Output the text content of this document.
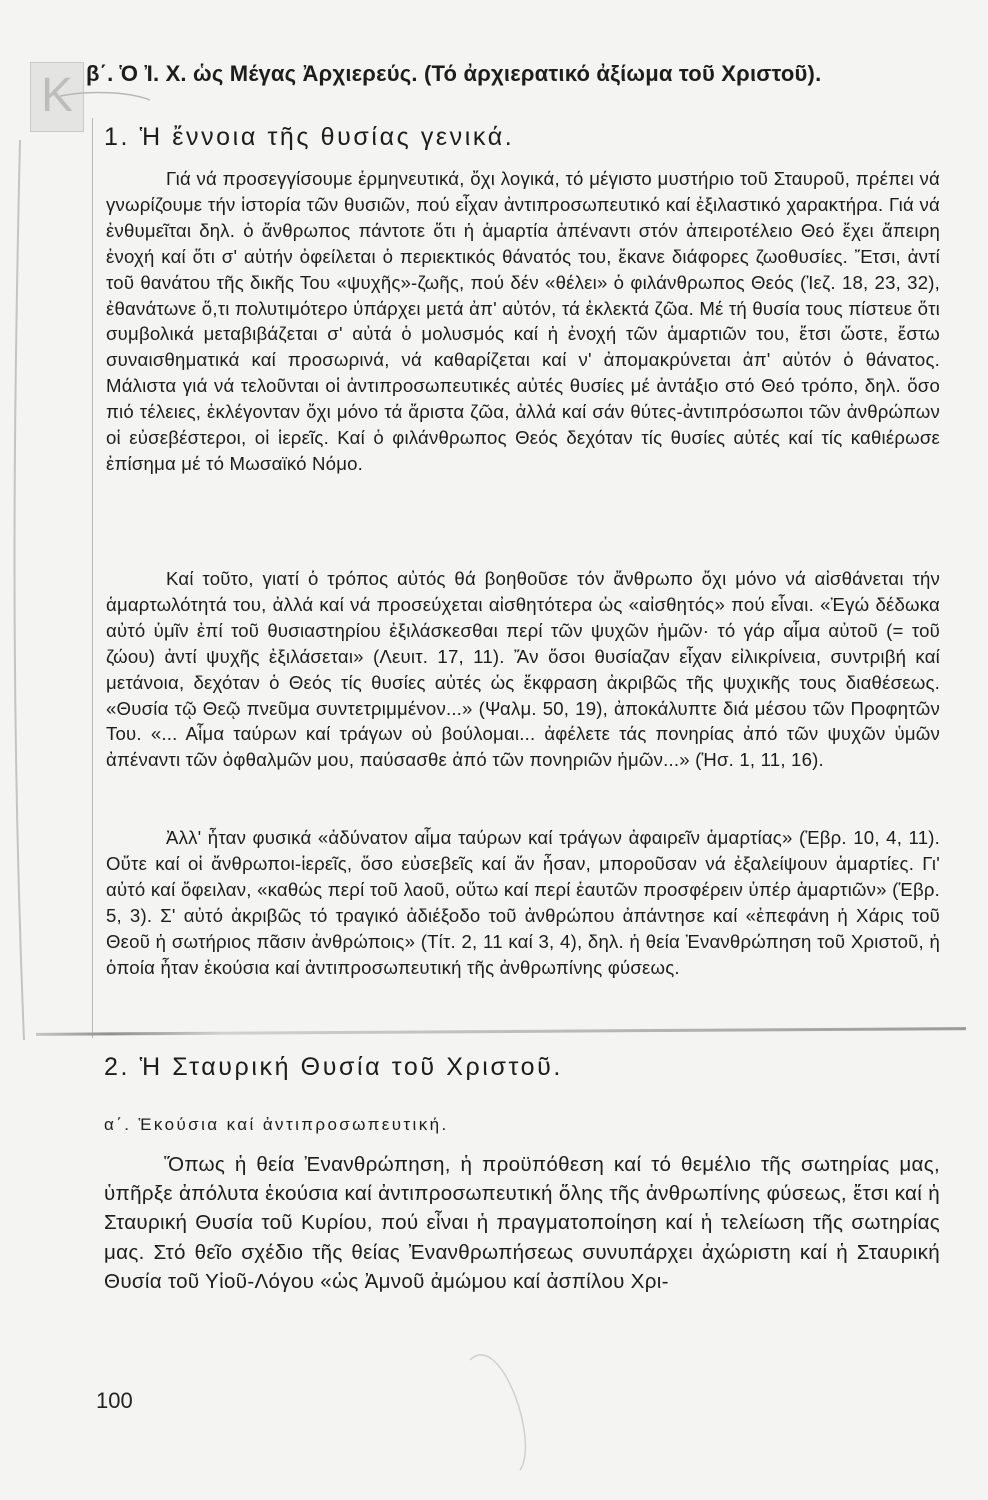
K β΄. Ὁ Ἰ. Χ. ὡς Μέγας Ἀρχιερεύς. (Τό ἀρχιερατικό ἀξίωμα τοῦ Χριστοῦ).
1. Ἡ ἔννοια τῆς θυσίας γενικά.

Γιά νά προσεγγίσουμε ἑρμηνευτικά, ὄχι λογικά, τό μέγιστο μυστήριο τοῦ Σταυροῦ, πρέπει νά γνωρίζουμε τήν ἱστορία τῶν θυσιῶν, πού εἶχαν ἀντιπροσωπευτικό καί ἐξιλαστικό χαρακτήρα. Γιά νά ἐνθυμεῖται δηλ. ὁ ἄνθρωπος πάντοτε ὅτι ἡ ἁμαρτία ἀπέναντι στόν ἀπειροτέλειο Θεό ἔχει ἄπειρη ἐνοχή καί ὅτι σ' αὐτήν ὀφείλεται ὁ περιεκτικός θάνατός του, ἔκανε διάφορες ζωοθυσίες. Ἔτσι, ἀντί τοῦ θανάτου τῆς δικῆς Του «ψυχῆς»-ζωῆς, πού δέν «θέλει» ὁ φιλάνθρωπος Θεός (Ἰεζ. 18, 23, 32), ἐθανάτωνε ὅ,τι πολυτιμότερο ὑπάρχει μετά ἀπ' αὐτόν, τά ἐκλεκτά ζῶα. Μέ τή θυσία τους πίστευε ὅτι συμβολικά μεταβιβάζεται σ' αὐτά ὁ μολυσμός καί ἡ ἐνοχή τῶν ἁμαρτιῶν του, ἔτσι ὥστε, ἔστω συναισθηματικά καί προσωρινά, νά καθαρίζεται καί ν' ἀπομακρύνεται ἀπ' αὐτόν ὁ θάνατος. Μάλιστα γιά νά τελοῦνται οἱ ἀντιπροσωπευτικές αὐτές θυσίες μέ ἀντάξιο στό Θεό τρόπο, δηλ. ὅσο πιό τέλειες, ἐκλέγονταν ὄχι μόνο τά ἄριστα ζῶα, ἀλλά καί σάν θύτες-ἀντιπρόσωποι τῶν ἀνθρώπων οἱ εὐσεβέστεροι, οἱ ἱερεῖς. Καί ὁ φιλάνθρωπος Θεός δεχόταν τίς θυσίες αὐτές καί τίς καθιέρωσε ἐπίσημα μέ τό Μωσαϊκό Νόμο.

Καί τοῦτο, γιατί ὁ τρόπος αὐτός θά βοηθοῦσε τόν ἄνθρωπο ὄχι μόνο νά αἰσθάνεται τήν ἁμαρτωλότητά του, ἀλλά καί νά προσεύχεται αἰσθητότερα ὡς «αἰσθητός» πού εἶναι. «Ἐγώ δέδωκα αὐτό ὑμῖν ἐπί τοῦ θυσιαστηρίου ἐξιλάσκεσθαι περί τῶν ψυχῶν ἡμῶν· τό γάρ αἷμα αὐτοῦ (= τοῦ ζώου) ἀντί ψυχῆς ἐξιλάσεται» (Λευιτ. 17, 11). Ἄν ὅσοι θυσίαζαν εἶχαν εἰλικρίνεια, συντριβή καί μετάνοια, δεχόταν ὁ Θεός τίς θυσίες αὐτές ὡς ἔκφραση ἀκριβῶς τῆς ψυχικῆς τους διαθέσεως. «Θυσία τῷ Θεῷ πνεῦμα συντετριμμένον...» (Ψαλμ. 50, 19), ἀποκάλυπτε διά μέσου τῶν Προφητῶν Του. «... Αἷμα ταύρων καί τράγων οὐ βούλομαι... ἀφέλετε τάς πονηρίας ἀπό τῶν ψυχῶν ὑμῶν ἀπέναντι τῶν ὀφθαλμῶν μου, παύσασθε ἀπό τῶν πονηριῶν ἡμῶν...» (Ἡσ. 1, 11, 16).

Ἀλλ' ἦταν φυσικά «ἀδύνατον αἷμα ταύρων καί τράγων ἀφαιρεῖν ἁμαρτίας» (Ἑβρ. 10, 4, 11). Οὔτε καί οἱ ἄνθρωποι-ἱερεῖς, ὅσο εὐσεβεῖς καί ἄν ἦσαν, μποροῦσαν νά ἐξαλείψουν ἁμαρτίες. Γι' αὐτό καί ὄφειλαν, «καθώς περί τοῦ λαοῦ, οὕτω καί περί ἑαυτῶν προσφέρειν ὑπέρ ἁμαρτιῶν» (Ἑβρ. 5, 3). Σ' αὐτό ἀκριβῶς τό τραγικό ἀδιέξοδο τοῦ ἀνθρώπου ἀπάντησε καί «ἐπεφάνη ἡ Χάρις τοῦ Θεοῦ ἡ σωτήριος πᾶσιν ἀνθρώποις» (Τίτ. 2, 11 καί 3, 4), δηλ. ἡ θεία Ἐνανθρώπηση τοῦ Χριστοῦ, ἡ ὁποία ἦταν ἑκούσια καί ἀντιπροσωπευτική τῆς ἀνθρωπίνης φύσεως.

2. Ἡ Σταυρική Θυσία τοῦ Χριστοῦ.
α΄. Ἑκούσια καί ἀντιπροσωπευτική.

Ὅπως ἡ θεία Ἐνανθρώπηση, ἡ προϋπόθεση καί τό θεμέλιο τῆς σωτηρίας μας, ὑπῆρξε ἀπόλυτα ἑκούσια καί ἀντιπροσωπευτική ὅλης τῆς ἀνθρωπίνης φύσεως, ἔτσι καί ἡ Σταυρική Θυσία τοῦ Κυρίου, πού εἶναι ἡ πραγματοποίηση καί ἡ τελείωση τῆς σωτηρίας μας. Στό θεῖο σχέδιο τῆς θείας Ἐνανθρωπήσεως συνυπάρχει ἀχώριστη καί ἡ Σταυρική Θυσία τοῦ Υἱοῦ-Λόγου «ὡς Ἀμνοῦ ἀμώμου καί ἀσπίλου Χρι-

100
